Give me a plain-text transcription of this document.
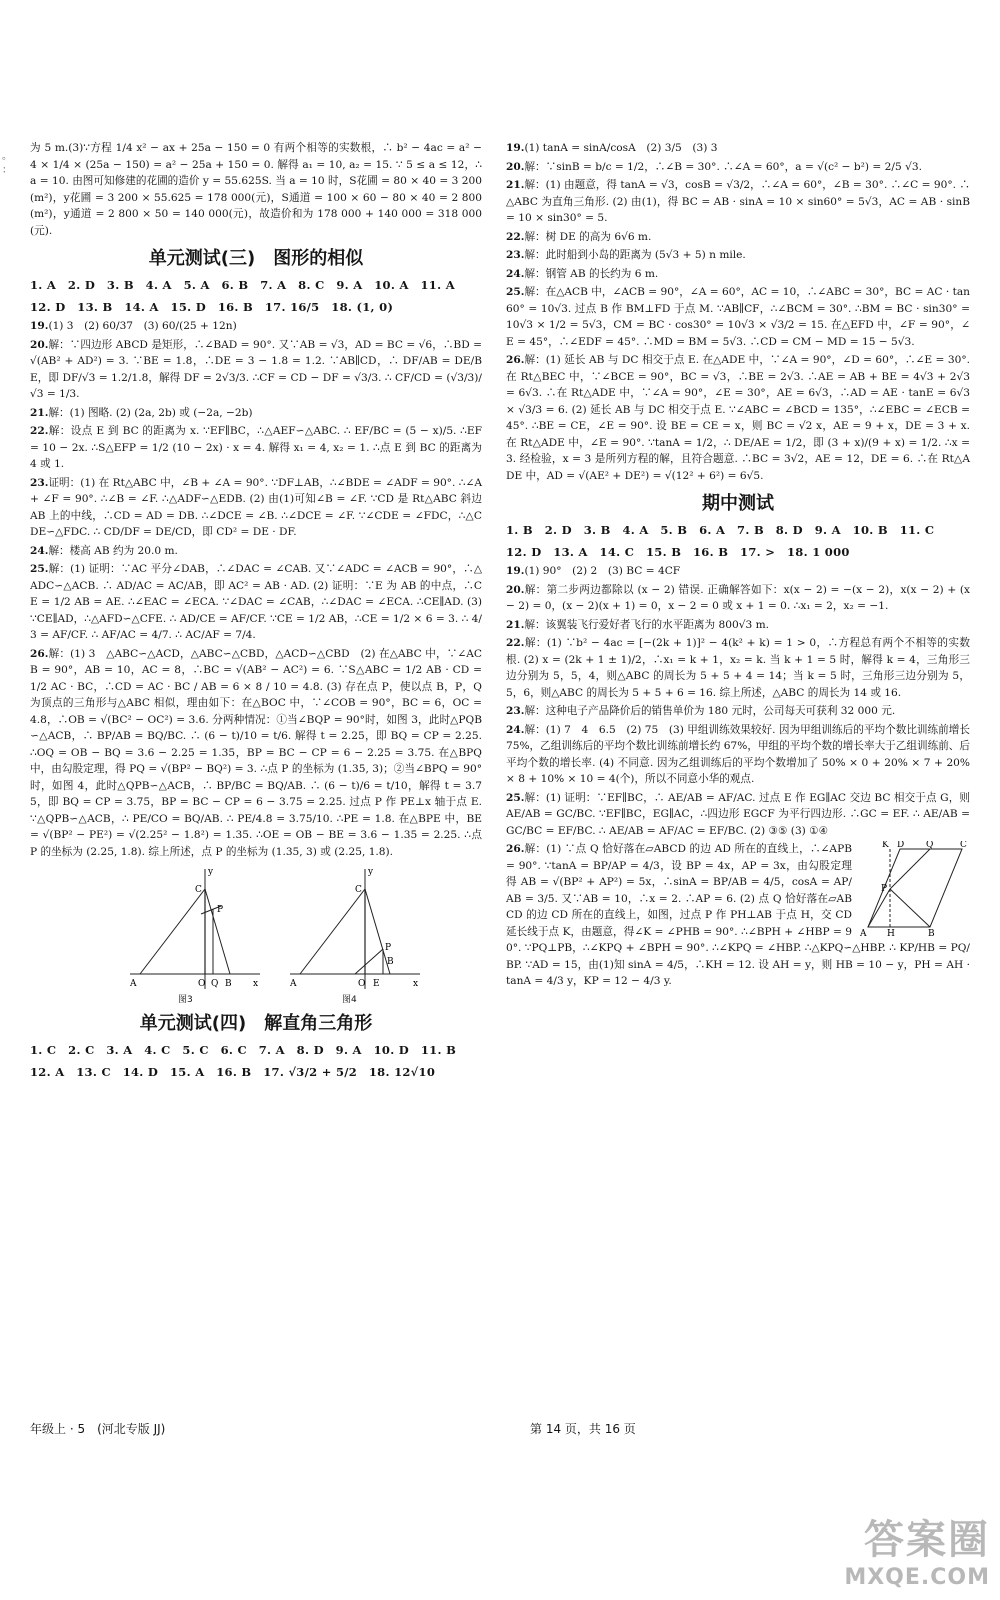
。
：

为 5 m.(3)∵方程 1/4 x² − ax + 25a − 150 = 0 有两个相等的实数根，∴ b² − 4ac = a² − 4 × 1/4 × (25a − 150) = a² − 25a + 150 = 0. 解得 a₁ = 10, a₂ = 15. ∵ 5 ≤ a ≤ 12，∴ a = 10. 由图可知修建的花圃的造价 y = 55.625S. 当 a = 10 时，S花圃 = 80 × 40 = 3 200(m²)，y花圃 = 3 200 × 55.625 = 178 000(元)，S通道 = 100 × 60 − 80 × 40 = 2 800(m²)，y通道 = 2 800 × 50 = 140 000(元)，故造价和为 178 000 + 140 000 = 318 000(元).

单元测试(三)　图形的相似
1. A　2. D　3. B　4. A　5. A　6. B　7. A　8. C　9. A　10. A　11. A
12. D　13. B　14. A　15. D　16. B　17. 16/5　18. (1, 0)

19.(1) 3　(2) 60/37　(3) 60/(25 + 12n)

20.解：∵四边形 ABCD 是矩形，∴∠BAD = 90°. 又∵AB = √3，AD = BC = √6，∴BD = √(AB² + AD²) = 3. ∵BE = 1.8，∴DE = 3 − 1.8 = 1.2. ∵AB∥CD，∴ DF/AB = DE/BE，即 DF/√3 = 1.2/1.8，解得 DF = 2√3/3. ∴CF = CD − DF = √3/3. ∴ CF/CD = (√3/3)/√3 = 1/3.

21.解：(1) 图略. (2) (2a, 2b) 或 (−2a, −2b)

22.解：设点 E 到 BC 的距离为 x. ∵EF∥BC，∴△AEF∽△ABC. ∴ EF/BC = (5 − x)/5. ∴EF = 10 − 2x. ∴S△EFP = 1/2 (10 − 2x) · x = 4. 解得 x₁ = 4, x₂ = 1. ∴点 E 到 BC 的距离为 4 或 1.

23.证明：(1) 在 Rt△ABC 中，∠B + ∠A = 90°. ∵DF⊥AB，∴∠BDE = ∠ADF = 90°. ∴∠A + ∠F = 90°. ∴∠B = ∠F. ∴△ADF∽△EDB. (2) 由(1)可知∠B = ∠F. ∵CD 是 Rt△ABC 斜边 AB 上的中线，∴CD = AD = DB. ∴∠DCE = ∠B. ∴∠DCE = ∠F. ∵∠CDE = ∠FDC，∴△CDE∽△FDC. ∴ CD/DF = DE/CD，即 CD² = DE · DF.

24.解：楼高 AB 约为 20.0 m.

25.解：(1) 证明：∵AC 平分∠DAB，∴∠DAC = ∠CAB. 又∵∠ADC = ∠ACB = 90°，∴△ADC∽△ACB. ∴ AD/AC = AC/AB，即 AC² = AB · AD. (2) 证明：∵E 为 AB 的中点，∴CE = 1/2 AB = AE. ∴∠EAC = ∠ECA. ∵∠DAC = ∠CAB，∴∠DAC = ∠ECA. ∴CE∥AD. (3) ∵CE∥AD，∴△AFD∽△CFE. ∴ AD/CE = AF/CF. ∵CE = 1/2 AB，∴CE = 1/2 × 6 = 3. ∴ 4/3 = AF/CF. ∴ AF/AC = 4/7. ∴ AC/AF = 7/4.

26.解：(1) 3　△ABC∽△ACD，△ABC∽△CBD，△ACD∽△CBD　(2) 在△ABC 中，∵∠ACB = 90°，AB = 10，AC = 8，∴BC = √(AB² − AC²) = 6. ∵S△ABC = 1/2 AB · CD = 1/2 AC · BC，∴CD = AC · BC / AB = 6 × 8 / 10 = 4.8. (3) 存在点 P，使以点 B，P，Q 为顶点的三角形与△ABC 相似，理由如下：在△BOC 中，∵∠COB = 90°，BC = 6，OC = 4.8，∴OB = √(BC² − OC²) = 3.6. 分两种情况：①当∠BQP = 90°时，如图 3，此时△PQB∽△ACB，∴ BP/AB = BQ/BC. ∴ (6 − t)/10 = t/6. 解得 t = 2.25，即 BQ = CP = 2.25. ∴OQ = OB − BQ = 3.6 − 2.25 = 1.35，BP = BC − CP = 6 − 2.25 = 3.75. 在△BPQ 中，由勾股定理，得 PQ = √(BP² − BQ²) = 3. ∴点 P 的坐标为 (1.35, 3)；②当∠BPQ = 90°时，如图 4，此时△QPB∽△ACB，∴ BP/BC = BQ/AB. ∴ (6 − t)/6 = t/10，解得 t = 3.75，即 BQ = CP = 3.75，BP = BC − CP = 6 − 3.75 = 2.25. 过点 P 作 PE⊥x 轴于点 E. ∵△QPB∽△ACB，∴ PE/CO = BQ/AB. ∴ PE/4.8 = 3.75/10. ∴PE = 1.8. 在△BPE 中，BE = √(BP² − PE²) = √(2.25² − 1.8²) = 1.35. ∴OE = OB − BE = 3.6 − 1.35 = 2.25. ∴点 P 的坐标为 (2.25, 1.8). 综上所述，点 P 的坐标为 (1.35, 3) 或 (2.25, 1.8).

A
C
P
O Q B x
y
图3
A
C
P
O E
B
x
y
图4
单元测试(四)　解直角三角形
1. C　2. C　3. A　4. C　5. C　6. C　7. A　8. D　9. A　10. D　11. B
12. A　13. C　14. D　15. A　16. B　17. √3/2 + 5/2　18. 12√10

19.(1) tanA = sinA/cosA　(2) 3/5　(3) 3

20.解：∵sinB = b/c = 1/2，∴∠B = 30°. ∴∠A = 60°，a = √(c² − b²) = 2/5 √3.

21.解：(1) 由题意，得 tanA = √3，cosB = √3/2，∴∠A = 60°，∠B = 30°. ∴∠C = 90°. ∴△ABC 为直角三角形. (2) 由(1)，得 BC = AB · sinA = 10 × sin60° = 5√3，AC = AB · sinB = 10 × sin30° = 5.

22.解：树 DE 的高为 6√6 m.

23.解：此时船到小岛的距离为 (5√3 + 5) n mile.

24.解：钢管 AB 的长约为 6 m.

25.解：在△ACB 中，∠ACB = 90°，∠A = 60°，AC = 10，∴∠ABC = 30°，BC = AC · tan60° = 10√3. 过点 B 作 BM⊥FD 于点 M. ∵AB∥CF，∴∠BCM = 30°. ∴BM = BC · sin30° = 10√3 × 1/2 = 5√3，CM = BC · cos30° = 10√3 × √3/2 = 15. 在△EFD 中，∠F = 90°，∠E = 45°，∴∠EDF = 45°. ∴MD = BM = 5√3. ∴CD = CM − MD = 15 − 5√3.

26.解：(1) 延长 AB 与 DC 相交于点 E. 在△ADE 中，∵∠A = 90°，∠D = 60°，∴∠E = 30°. 在 Rt△BEC 中，∵∠BCE = 90°，BC = √3，∴BE = 2√3. ∴AE = AB + BE = 4√3 + 2√3 = 6√3. ∴在 Rt△ADE 中，∵∠A = 90°，∠E = 30°，AE = 6√3，∴AD = AE · tanE = 6√3 × √3/3 = 6. (2) 延长 AB 与 DC 相交于点 E. ∵∠ABC = ∠BCD = 135°，∴∠EBC = ∠ECB = 45°. ∴BE = CE，∠E = 90°. 设 BE = CE = x，则 BC = √2 x，AE = 9 + x，DE = 3 + x. 在 Rt△ADE 中，∠E = 90°. ∵tanA = 1/2，∴ DE/AE = 1/2，即 (3 + x)/(9 + x) = 1/2. ∴x = 3. 经检验，x = 3 是所列方程的解，且符合题意. ∴BC = 3√2，AE = 12，DE = 6. ∴在 Rt△ADE 中，AD = √(AE² + DE²) = √(12² + 6²) = 6√5.

期中测试
1. B　2. D　3. B　4. A　5. B　6. A　7. B　8. D　9. A　10. B　11. C
12. D　13. A　14. C　15. B　16. B　17. >　18. 1 000

19.(1) 90°　(2) 2　(3) BC = 4CF

20.解：第二步两边都除以 (x − 2) 错误. 正确解答如下：x(x − 2) = −(x − 2)，x(x − 2) + (x − 2) = 0，(x − 2)(x + 1) = 0，x − 2 = 0 或 x + 1 = 0. ∴x₁ = 2，x₂ = −1.

21.解：该翼装飞行爱好者飞行的水平距离为 800√3 m.

22.解：(1) ∵b² − 4ac = [−(2k + 1)]² − 4(k² + k) = 1 > 0，∴方程总有两个不相等的实数根. (2) x = (2k + 1 ± 1)/2，∴x₁ = k + 1，x₂ = k. 当 k + 1 = 5 时，解得 k = 4，三角形三边分别为 5，5，4，则△ABC 的周长为 5 + 5 + 4 = 14；当 k = 5 时，三角形三边分别为 5，5，6，则△ABC 的周长为 5 + 5 + 6 = 16. 综上所述，△ABC 的周长为 14 或 16.

23.解：这种电子产品降价后的销售单价为 180 元时，公司每天可获利 32 000 元.

24.解：(1) 7　4　6.5　(2) 75　(3) 甲组训练效果较好. 因为甲组训练后的平均个数比训练前增长 75%，乙组训练后的平均个数比训练前增长约 67%，甲组的平均个数的增长率大于乙组训练前、后平均个数的增长率. (4) 不同意. 因为乙组训练后的平均个数增加了 50% × 0 + 20% × 7 + 20% × 8 + 10% × 10 = 4(个)，所以不同意小华的观点.

25.解：(1) 证明：∵EF∥BC，∴ AE/AB = AF/AC. 过点 E 作 EG∥AC 交边 BC 相交于点 G，则 AE/AB = GC/BC. ∵EF∥BC，EG∥AC，∴四边形 EGCF 为平行四边形. ∴GC = EF. ∴ AE/AB = GC/BC = EF/BC. ∴ AE/AB = AF/AC = EF/BC. (2) ③⑤ (3) ①④

A H	B
K D Q	C
P
26.解：(1) ∵点 Q 恰好落在▱ABCD 的边 AD 所在的直线上，∴∠APB = 90°. ∵tanA = BP/AP = 4/3，设 BP = 4x，AP = 3x，由勾股定理得 AB = √(BP² + AP²) = 5x，∴sinA = BP/AB = 4/5，cosA = AP/AB = 3/5. 又∵AB = 10，∴x = 2. ∴AP = 6. (2) 点 Q 恰好落在▱ABCD 的边 CD 所在的直线上，如图，过点 P 作 PH⊥AB 于点 H，交 CD 延长线于点 K，由题意，得∠K = ∠PHB = 90°. ∴∠BPH + ∠HBP = 90°. ∵PQ⊥PB，∴∠KPQ + ∠BPH = 90°. ∴∠KPQ = ∠HBP. ∴△KPQ∽△HBP. ∴ KP/HB = PQ/BP. ∵AD = 15，由(1)知 sinA = 4/5，∴KH = 12. 设 AH = y，则 HB = 10 − y，PH = AH · tanA = 4/3 y，KP = 12 − 4/3 y.

年级上 · 5　(河北专版 JJ)	第 14 页，共 16 页
答案圈
MXQE.COM
